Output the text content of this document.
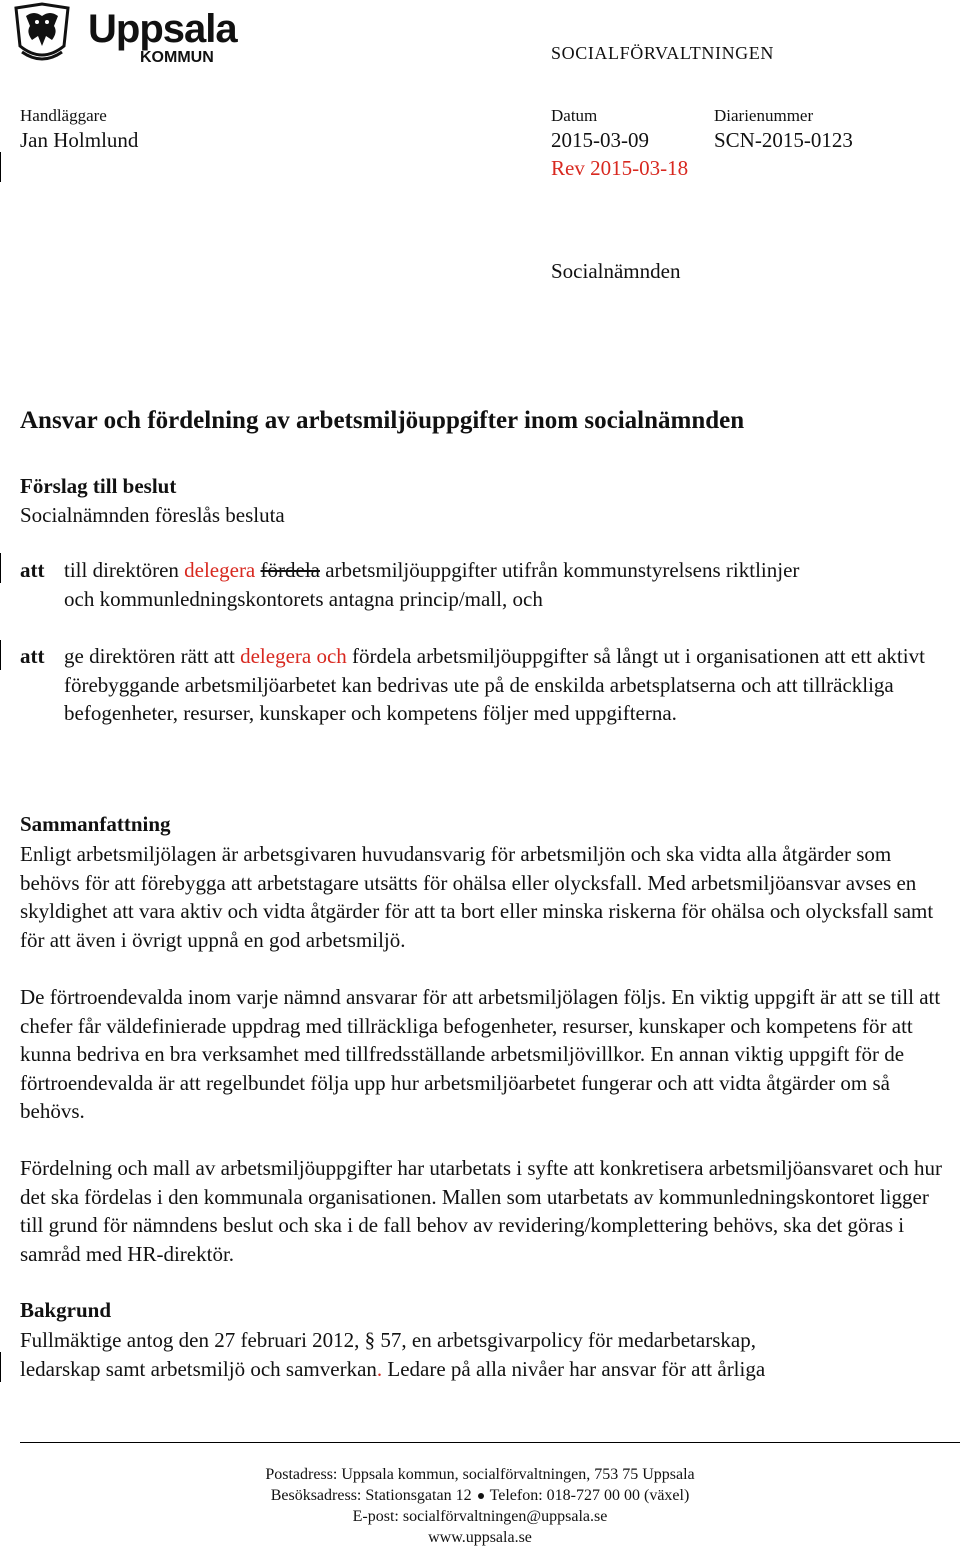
Uppsala
KOMMUN	SOCIALFÖRVALTNINGEN
Handläggare
Jan Holmlund
Datum
2015-03-09
Rev 2015-03-18
Diarienummer
SCN-2015-0123
Socialnämnden
Ansvar och fördelning av arbetsmiljöuppgifter inom socialnämnden
Förslag till beslut
Socialnämnden föreslås besluta
att till direktören delegera fördela arbetsmiljöuppgifter utifrån kommunstyrelsens riktlinjer
och kommunledningskontorets antagna princip/mall, och
att ge direktören rätt att delegera och fördela arbetsmiljöuppgifter så långt ut i organisationen att ett aktivt förebyggande arbetsmiljöarbetet kan bedrivas ute på de enskilda arbetsplatserna och att tillräckliga befogenheter, resurser, kunskaper och kompetens följer med uppgifterna.
Sammanfattning
Enligt arbetsmiljölagen är arbetsgivaren huvudansvarig för arbetsmiljön och ska vidta alla åtgärder som behövs för att förebygga att arbetstagare utsätts för ohälsa eller olycksfall. Med arbetsmiljöansvar avses en skyldighet att vara aktiv och vidta åtgärder för att ta bort eller minska riskerna för ohälsa och olycksfall samt för att även i övrigt uppnå en god arbetsmiljö.
De förtroendevalda inom varje nämnd ansvarar för att arbetsmiljölagen följs. En viktig uppgift är att se till att chefer får väldefinierade uppdrag med tillräckliga befogenheter, resurser, kunskaper och kompetens för att kunna bedriva en bra verksamhet med tillfredsställande arbetsmiljövillkor. En annan viktig uppgift för de förtroendevalda är att regelbundet följa upp hur arbetsmiljöarbetet fungerar och att vidta åtgärder om så behövs.
Fördelning och mall av arbetsmiljöuppgifter har utarbetats i syfte att konkretisera arbetsmiljöansvaret och hur det ska fördelas i den kommunala organisationen. Mallen som utarbetats av kommunledningskontoret ligger till grund för nämndens beslut och ska i de fall behov av revidering/komplettering behövs, ska det göras i samråd med HR-direktör.
Bakgrund
Fullmäktige antog den 27 februari 2012, § 57, en arbetsgivarpolicy för medarbetarskap,
ledarskap samt arbetsmiljö och samverkan. Ledare på alla nivåer har ansvar för att årliga
Postadress: Uppsala kommun, socialförvaltningen, 753 75 Uppsala
Besöksadress: Stationsgatan 12 Telefon: 018-727 00 00 (växel)
E-post: socialförvaltningen@uppsala.se
www.uppsala.se
